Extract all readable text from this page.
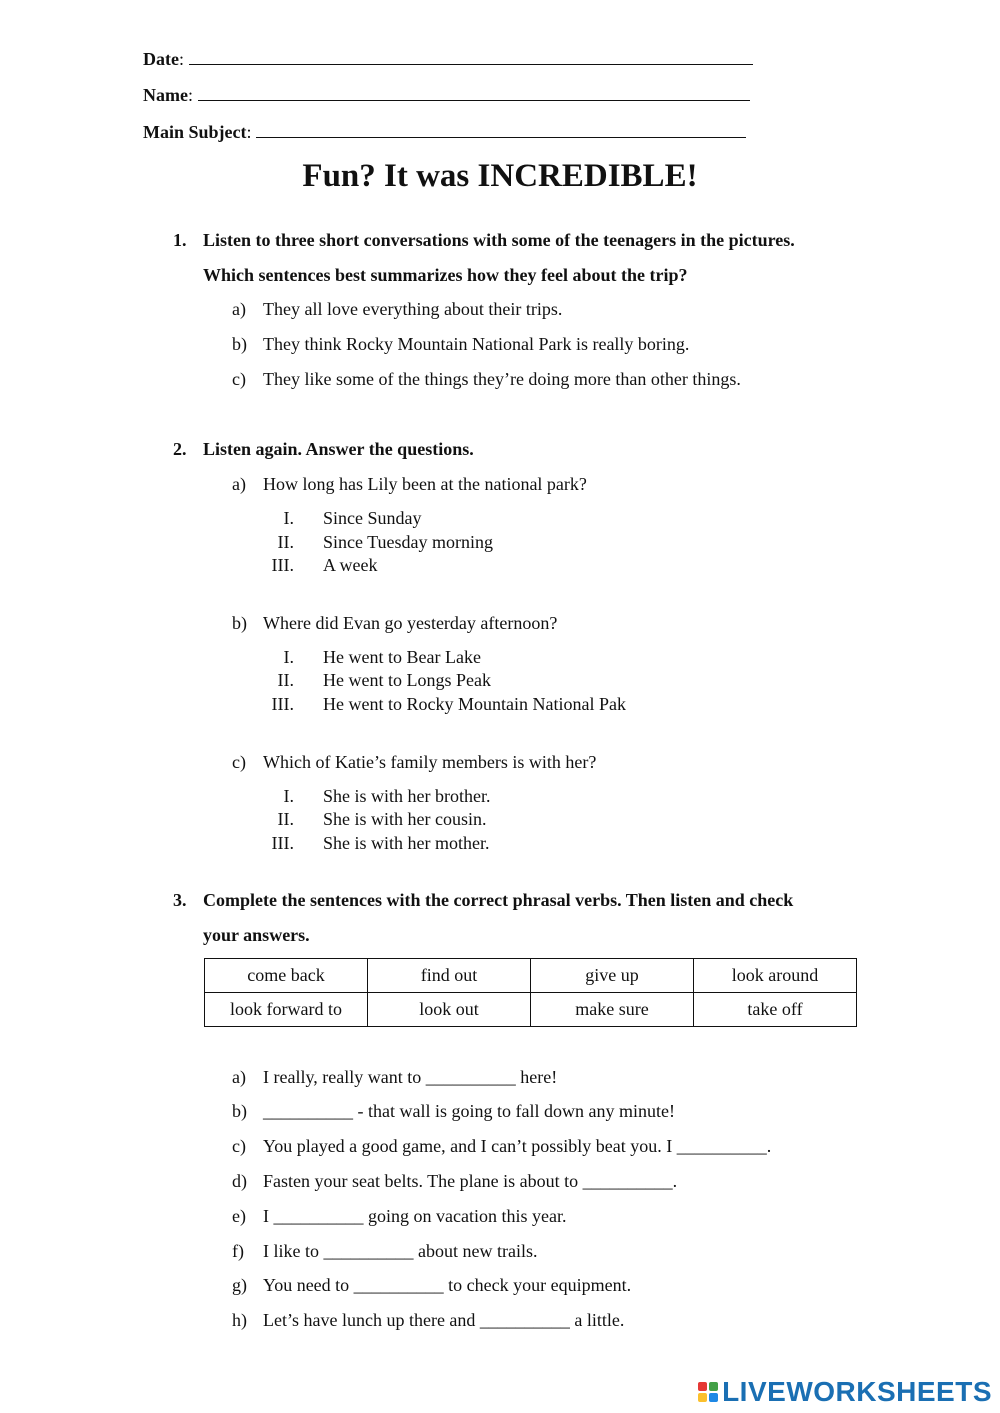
Date:
Name:
Main Subject:
Fun? It was INCREDIBLE!
1. Listen to three short conversations with some of the teenagers in the pictures.
Which sentences best summarizes how they feel about the trip?
a) They all love everything about their trips.
b) They think Rocky Mountain National Park is really boring.
c) They like some of the things they’re doing more than other things.
2. Listen again. Answer the questions.
a) How long has Lily been at the national park?
I. Since Sunday
II. Since Tuesday morning
III. A week
b) Where did Evan go yesterday afternoon?
I. He went to Bear Lake
II. He went to Longs Peak
III. He went to Rocky Mountain National Pak
c) Which of Katie’s family members is with her?
I. She is with her brother.
II. She is with her cousin.
III. She is with her mother.
3. Complete the sentences with the correct phrasal verbs. Then listen and check
your answers.
come back	find out	give up	look around
look forward to	look out	make sure	take off
a) I really, really want to __________ here!
b) __________ - that wall is going to fall down any minute!
c) You played a good game, and I can’t possibly beat you. I __________.
d) Fasten your seat belts. The plane is about to __________.
e) I __________ going on vacation this year.
f) I like to __________ about new trails.
g) You need to __________ to check your equipment.
h) Let’s have lunch up there and __________ a little.
LIVEWORKSHEETS
